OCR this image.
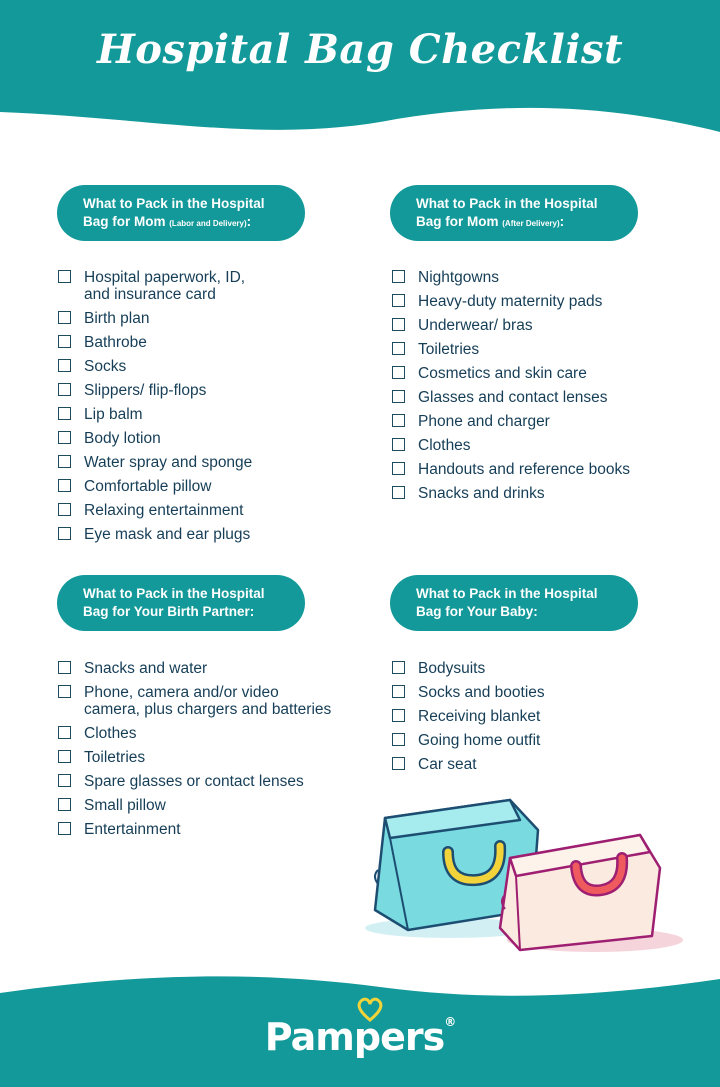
Hospital Bag Checklist
What to Pack in the Hospital
Bag for Mom (Labor and Delivery):
What to Pack in the Hospital
Bag for Mom (After Delivery):
What to Pack in the Hospital
Bag for Your Birth Partner:
What to Pack in the Hospital
Bag for Your Baby:
Hospital paperwork, ID,
and insurance card
Birth plan
Bathrobe
Socks
Slippers/ flip-flops
Lip balm
Body lotion
Water spray and sponge
Comfortable pillow
Relaxing entertainment
Eye mask and ear plugs
Nightgowns
Heavy-duty maternity pads
Underwear/ bras
Toiletries
Cosmetics and skin care
Glasses and contact lenses
Phone and charger
Clothes
Handouts and reference books
Snacks and drinks
Snacks and water
Phone, camera and/or video
camera, plus chargers and batteries
Clothes
Toiletries
Spare glasses or contact lenses
Small pillow
Entertainment
Bodysuits
Socks and booties
Receiving blanket
Going home outfit
Car seat
Pampers®
